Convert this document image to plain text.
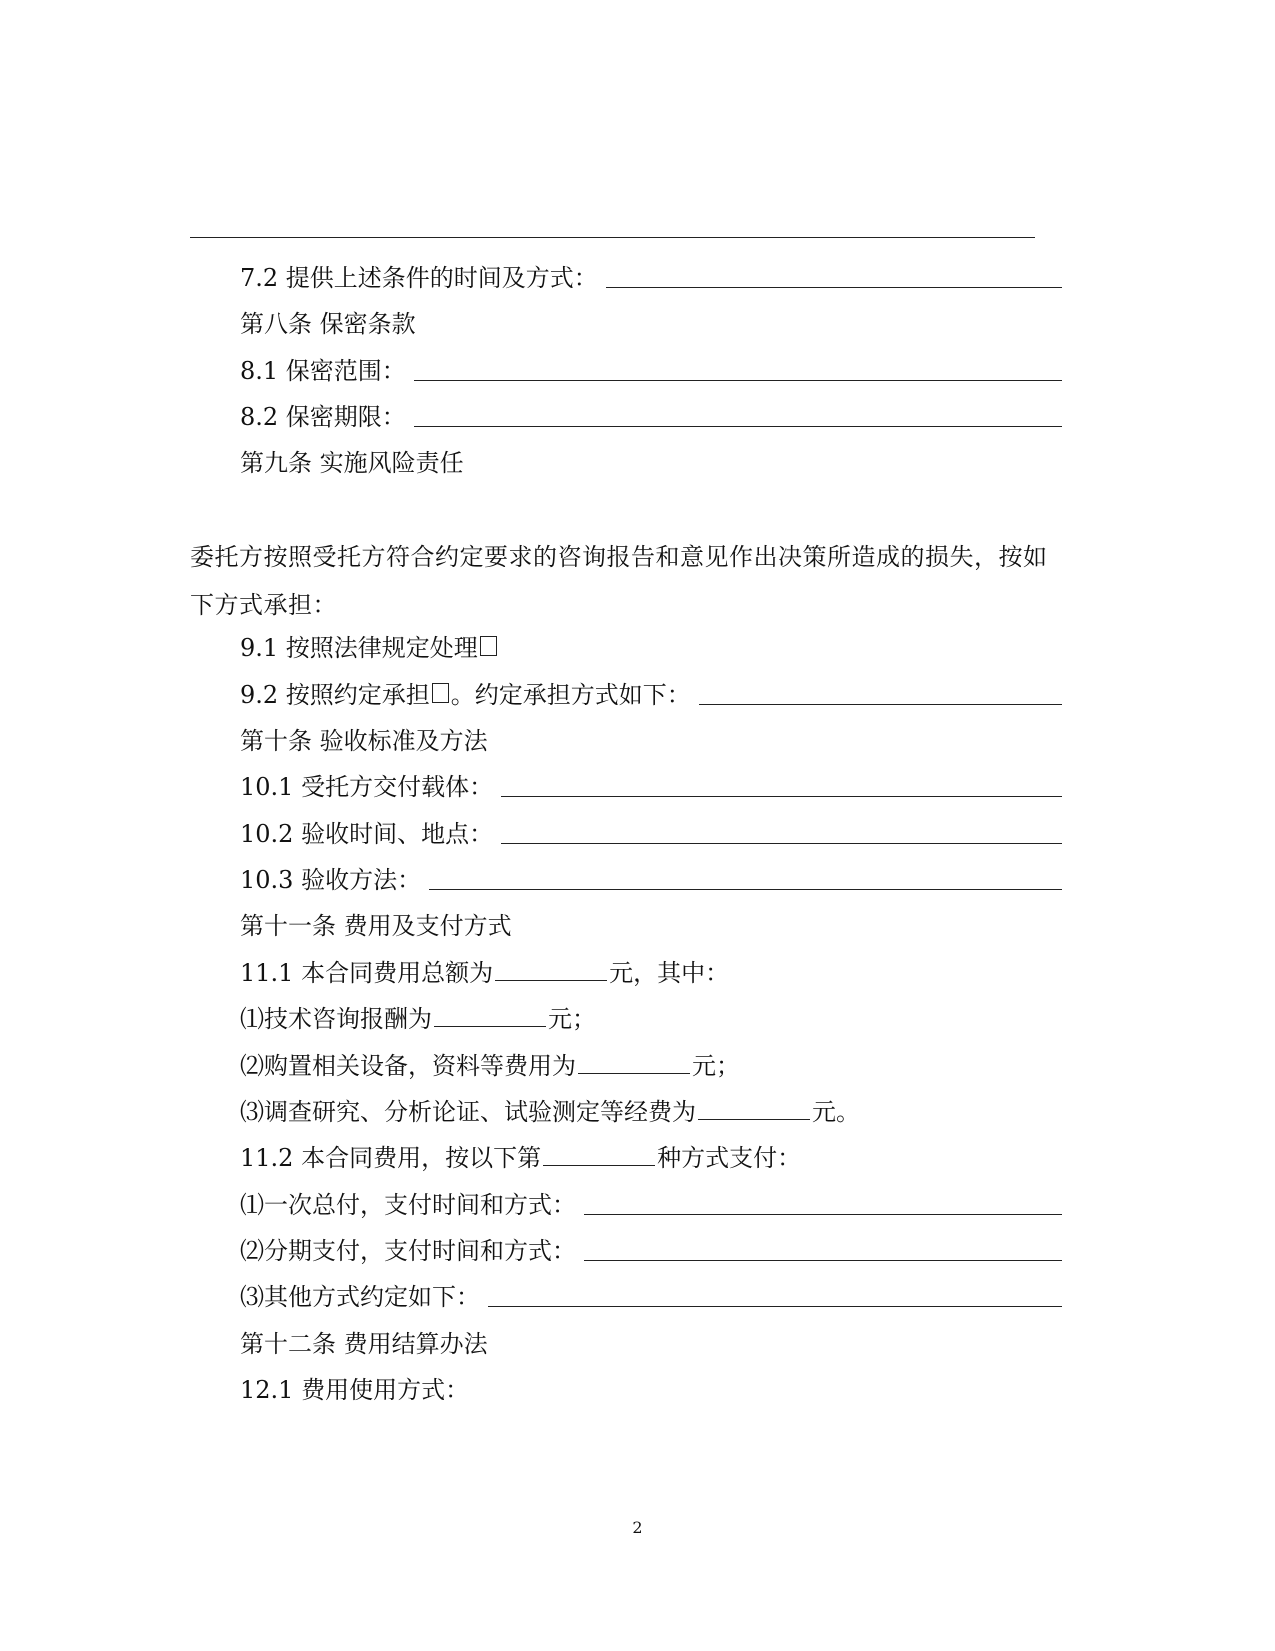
7.2 提供上述条件的时间及方式：
第八条 保密条款
8.1 保密范围：
8.2 保密期限：
第九条 实施风险责任
委托方按照受托方符合约定要求的咨询报告和意见作出决策所造成的损失，按如下方式承担：
9.1 按照法律规定处理
9.2 按照约定承担 。约定承担方式如下：
第十条 验收标准及方法
10.1 受托方交付载体：
10.2 验收时间、地点：
10.3 验收方法：
第十一条 费用及支付方式
11.1 本合同费用总额为	元，其中：
⑴技术咨询报酬为	元；
⑵购置相关设备，资料等费用为	元；
⑶调查研究、分析论证、试验测定等经费为	元。
11.2 本合同费用，按以下第	种方式支付：
⑴一次总付，支付时间和方式：
⑵分期支付，支付时间和方式：
⑶其他方式约定如下：
第十二条 费用结算办法
12.1 费用使用方式：
2
